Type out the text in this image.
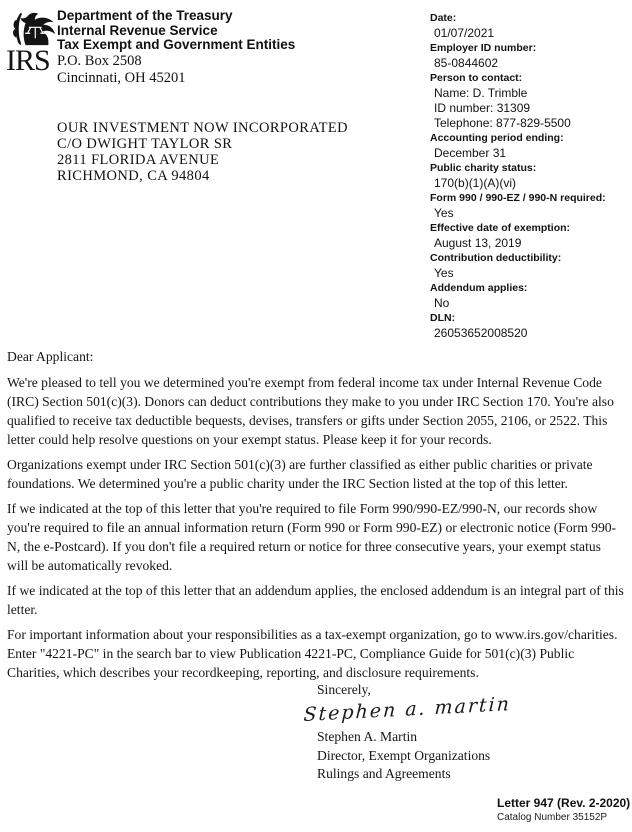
IRS
Department of the Treasury
Internal Revenue Service
Tax Exempt and Government Entities
P.O. Box 2508
Cincinnati, OH 45201
Date:
01/07/2021
Employer ID number:
85-0844602
Person to contact:
Name: D. Trimble
ID number: 31309
Telephone: 877-829-5500
Accounting period ending:
December 31
Public charity status:
170(b)(1)(A)(vi)
Form 990 / 990-EZ / 990-N required:
Yes
Effective date of exemption:
August 13, 2019
Contribution deductibility:
Yes
Addendum applies:
No
DLN:
26053652008520
OUR INVESTMENT NOW INCORPORATED
C/O DWIGHT TAYLOR SR
2811 FLORIDA AVENUE
RICHMOND, CA 94804
Dear Applicant:

We're pleased to tell you we determined you're exempt from federal income tax under Internal Revenue Code (IRC) Section 501(c)(3). Donors can deduct contributions they make to you under IRC Section 170. You're also qualified to receive tax deductible bequests, devises, transfers or gifts under Section 2055, 2106, or 2522. This letter could help resolve questions on your exempt status. Please keep it for your records.

Organizations exempt under IRC Section 501(c)(3) are further classified as either public charities or private foundations. We determined you're a public charity under the IRC Section listed at the top of this letter.

If we indicated at the top of this letter that you're required to file Form 990/990-EZ/990-N, our records show you're required to file an annual information return (Form 990 or Form 990-EZ) or electronic notice (Form 990-N, the e-Postcard). If you don't file a required return or notice for three consecutive years, your exempt status will be automatically revoked.

If we indicated at the top of this letter that an addendum applies, the enclosed addendum is an integral part of this letter.

For important information about your responsibilities as a tax-exempt organization, go to www.irs.gov/charities. Enter "4221-PC" in the search bar to view Publication 4221-PC, Compliance Guide for 501(c)(3) Public Charities, which describes your recordkeeping, reporting, and disclosure requirements.

Sincerely,
Stephen a. martin
Stephen A. Martin
Director, Exempt Organizations
Rulings and Agreements
Letter 947 (Rev. 2-2020)
Catalog Number 35152P
